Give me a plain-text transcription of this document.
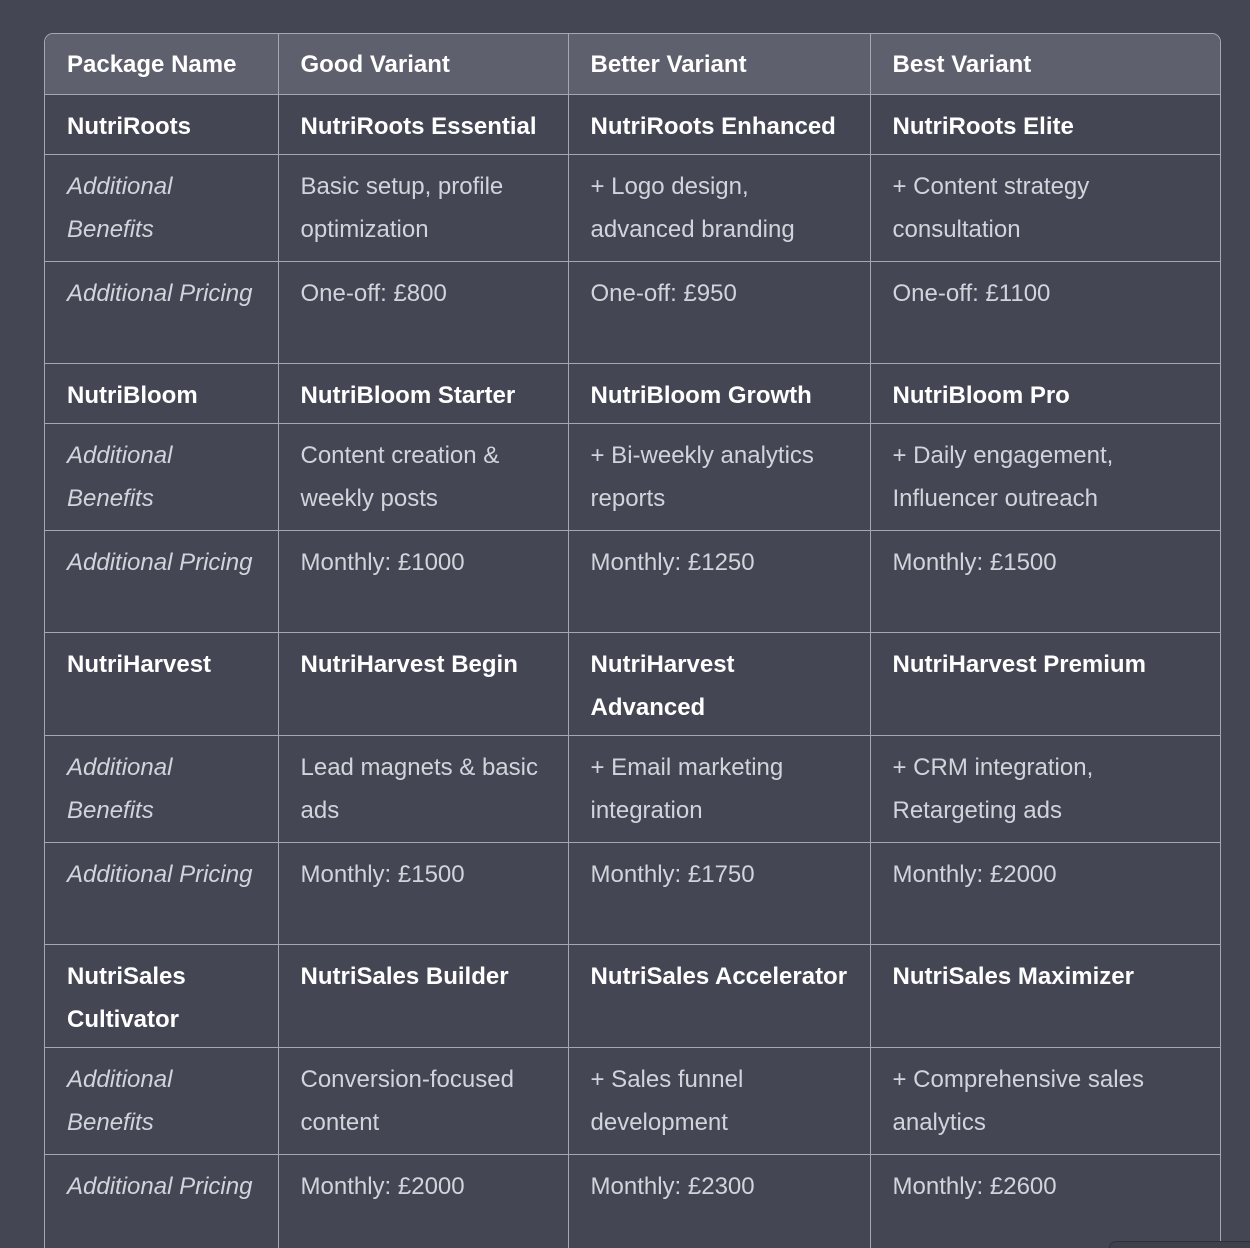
Package Name	Good Variant	Better Variant	Best Variant
NutriRoots	NutriRoots Essential	NutriRoots Enhanced	NutriRoots Elite
Additional Benefits	Basic setup, profile optimization	+ Logo design, advanced branding	+ Content strategy consultation
Additional Pricing	One-off: £800	One-off: £950	One-off: £1100
NutriBloom	NutriBloom Starter	NutriBloom Growth	NutriBloom Pro
Additional Benefits	Content creation & weekly posts	+ Bi-weekly analytics reports	+ Daily engagement, Influencer outreach
Additional Pricing	Monthly: £1000	Monthly: £1250	Monthly: £1500
NutriHarvest	NutriHarvest Begin	NutriHarvest Advanced	NutriHarvest Premium
Additional Benefits	Lead magnets & basic ads	+ Email marketing integration	+ CRM integration, Retargeting ads
Additional Pricing	Monthly: £1500	Monthly: £1750	Monthly: £2000
NutriSales Cultivator	NutriSales Builder	NutriSales Accelerator	NutriSales Maximizer
Additional Benefits	Conversion-focused content	+ Sales funnel development	+ Comprehensive sales analytics
Additional Pricing	Monthly: £2000	Monthly: £2300	Monthly: £2600
